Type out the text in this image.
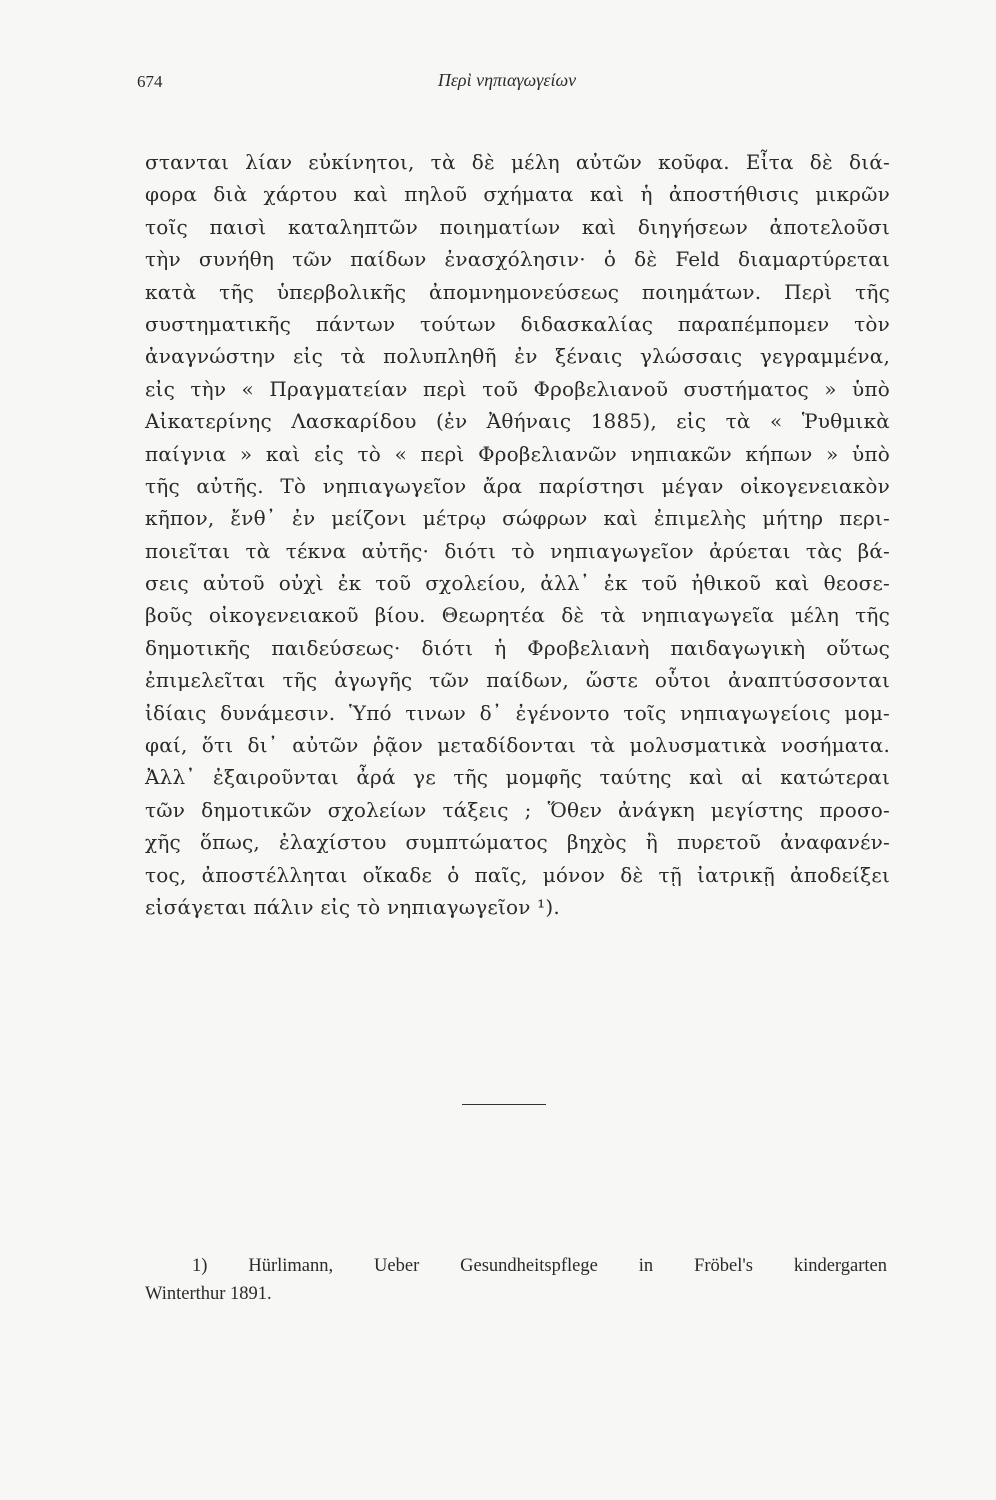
674	Περὶ νηπιαγωγείων
στανται λίαν εὐκίνητοι, τὰ δὲ μέλη αὐτῶν κοῦφα. Εἶτα δὲ διά-
φορα διὰ χάρτου καὶ πηλοῦ σχήματα καὶ ἡ ἀποστήθισις μικρῶν
τοῖς παισὶ καταληπτῶν ποιηματίων καὶ διηγήσεων ἀποτελοῦσι
τὴν συνήθη τῶν παίδων ἐνασχόλησιν· ὁ δὲ Feld διαμαρτύρεται
κατὰ τῆς ὑπερβολικῆς ἀπομνημονεύσεως ποιημάτων. Περὶ τῆς
συστηματικῆς πάντων τούτων διδασκαλίας παραπέμπομεν τὸν
ἀναγνώστην εἰς τὰ πολυπληθῆ ἐν ξέναις γλώσσαις γεγραμμένα,
εἰς τὴν « Πραγματείαν περὶ τοῦ Φροβελιανοῦ συστήματος » ὑπὸ
Αἰκατερίνης Λασκαρίδου (ἐν Ἀθήναις 1885), εἰς τὰ « Ῥυθμικὰ
παίγνια » καὶ εἰς τὸ « περὶ Φροβελιανῶν νηπιακῶν κήπων » ὑπὸ
τῆς αὐτῆς. Τὸ νηπιαγωγεῖον ἄρα παρίστησι μέγαν οἰκογενειακὸν
κῆπον, ἔνθ᾽ ἐν μείζονι μέτρῳ σώφρων καὶ ἐπιμελὴς μήτηρ περι-
ποιεῖται τὰ τέκνα αὐτῆς· διότι τὸ νηπιαγωγεῖον ἀρύεται τὰς βά-
σεις αὐτοῦ οὐχὶ ἐκ τοῦ σχολείου, ἀλλ᾽ ἐκ τοῦ ἠθικοῦ καὶ θεοσε-
βοῦς οἰκογενειακοῦ βίου. Θεωρητέα δὲ τὰ νηπιαγωγεῖα μέλη τῆς
δημοτικῆς παιδεύσεως· διότι ἡ Φροβελιανὴ παιδαγωγικὴ οὕτως
ἐπιμελεῖται τῆς ἀγωγῆς τῶν παίδων, ὥστε οὗτοι ἀναπτύσσονται
ἰδίαις δυνάμεσιν. Ὑπό τινων δ᾽ ἐγένοντο τοῖς νηπιαγωγείοις μομ-
φαί, ὅτι δι᾽ αὐτῶν ῥᾷον μεταδίδονται τὰ μολυσματικὰ νοσήματα.
Ἀλλ᾽ ἐξαιροῦνται ἆρά γε τῆς μομφῆς ταύτης καὶ αἱ κατώτεραι
τῶν δημοτικῶν σχολείων τάξεις ; Ὅθεν ἀνάγκη μεγίστης προσο-
χῆς ὅπως, ἐλαχίστου συμπτώματος βηχὸς ἢ πυρετοῦ ἀναφανέν-
τος, ἀποστέλληται οἴκαδε ὁ παῖς, μόνον δὲ τῇ ἰατρικῇ ἀποδείξει
εἰσάγεται πάλιν εἰς τὸ νηπιαγωγεῖον ¹).
1) Hürlimann, Ueber Gesundheitspflege in Fröbel's kindergarten
Winterthur 1891.
